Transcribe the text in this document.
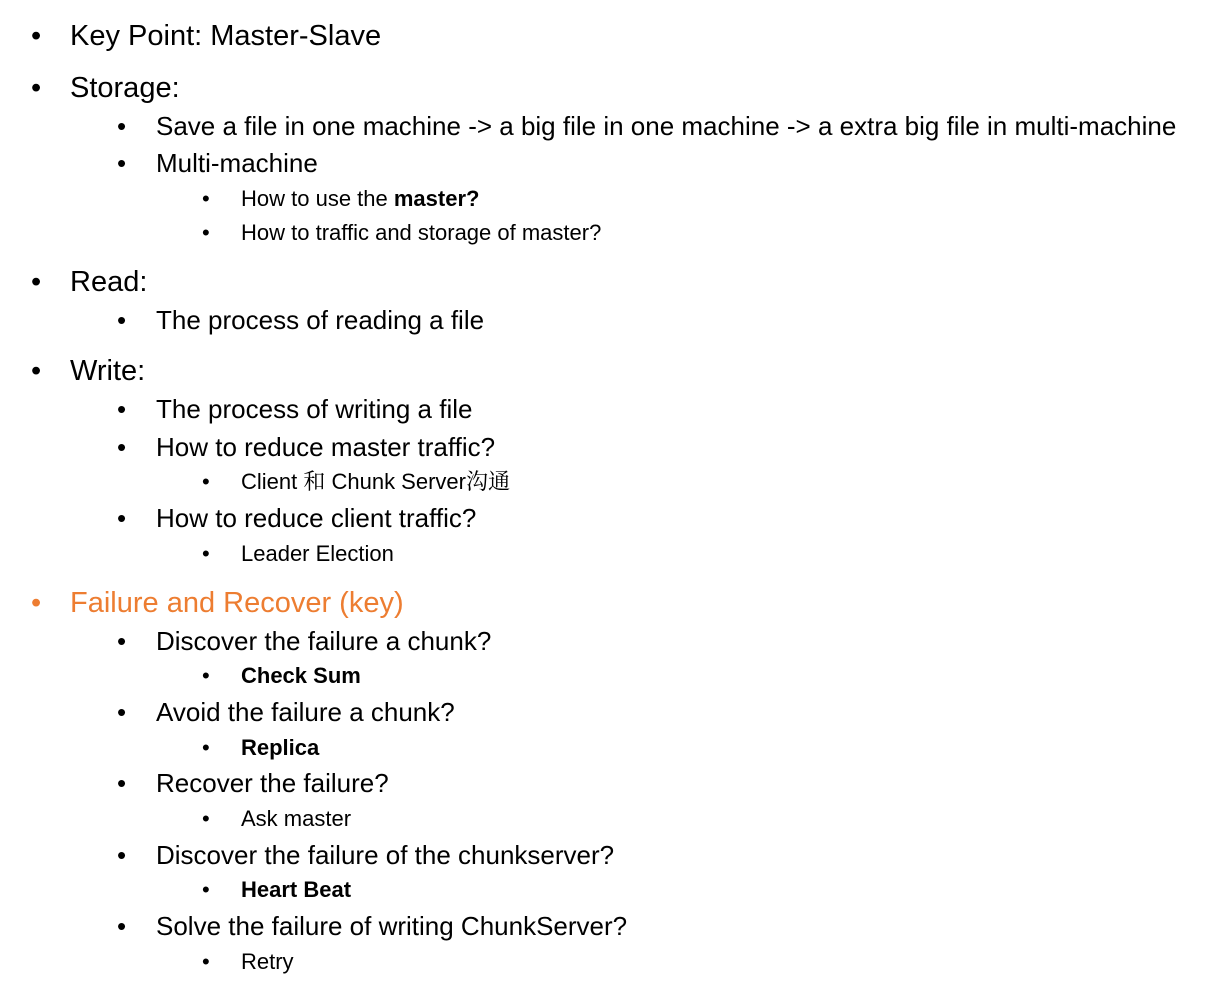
• Key Point: Master-Slave
• Storage:
• Save a file in one machine -> a big file in one machine -> a extra big file in multi-machine
• Multi-machine
• How to use the master?
• How to traffic and storage of master?
• Read:
• The process of reading a file
• Write:
• The process of writing a file
• How to reduce master traffic?
• Client 和 Chunk Server沟通
• How to reduce client traffic?
• Leader Election
• Failure and Recover (key)
• Discover the failure a chunk?
• Check Sum
• Avoid the failure a chunk?
• Replica
• Recover the failure?
• Ask master
• Discover the failure of the chunkserver?
• Heart Beat
• Solve the failure of writing ChunkServer?
• Retry
